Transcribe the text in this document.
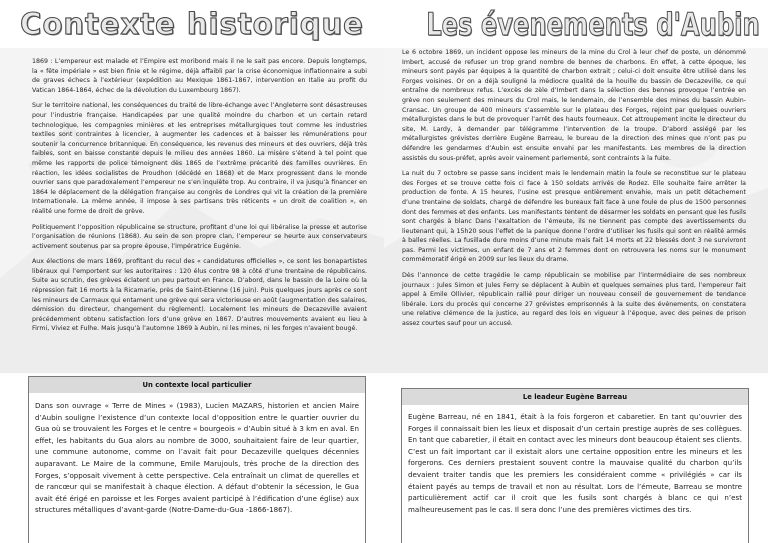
Contexte historique

1869 : L’empereur est malade et l’Empire est moribond mais il ne le sait pas encore. Depuis longtemps, la « fête impériale » est bien finie et le régime, déjà affaibli par la crise économique inflationnaire a subi de graves échecs à l’extérieur (expédition au Mexique 1861-1867, intervention en Italie au profit du Vatican 1864-1864, échec de la dévolution du Luxembourg 1867).

Sur le territoire national, les conséquences du traité de libre-échange avec l’Angleterre sont désastreuses pour l’industrie française. Handicapées par une qualité moindre du charbon et un certain retard technologique, les compagnies minières et les entreprises métallurgiques tout comme les industries textiles sont contraintes à licencier, à augmenter les cadences et à baisser les rémunérations pour soutenir la concurrence britannique. En conséquence, les revenus des mineurs et des ouvriers, déjà très faibles, sont en baisse constante depuis le milieu des années 1860. La misère s’étend à tel point que même les rapports de police témoignent dès 1865 de l’extrême précarité des familles ouvrières. En réaction, les idées socialistes de Proudhon (décédé en 1868) et de Marx progressent dans le monde ouvrier sans que paradoxalement l’empereur ne s’en inquiète trop. Au contraire, il va jusqu’à financer en 1864 le déplacement de la délégation française au congrès de Londres qui vit la création de la première Internationale. La même année, il impose à ses partisans très réticents « un droit de coalition », en réalité une forme de droit de grève.

Politiquement l’opposition républicaine se structure, profitant d’une loi qui libéralise la presse et autorise l’organisation de réunions (1868). Au sein de son propre clan, l’empereur se heurte aux conservateurs activement soutenus par sa propre épouse, l’impératrice Eugénie.

Aux élections de mars 1869, profitant du recul des « candidatures officielles », ce sont les bonapartistes libéraux qui l’emportent sur les autoritaires : 120 élus contre 98 à côté d’une trentaine de républicains. Suite au scrutin, des grèves éclatent un peu partout en France. D’abord, dans le bassin de la Loire où la répression fait 16 morts à la Ricamarie, près de Saint-Etienne (16 juin). Puis quelques jours après ce sont les mineurs de Carmaux qui entament une grève qui sera victorieuse en août (augmentation des salaires, démission du directeur, changement du règlement). Localement les mineurs de Decazeville avaient précédemment obtenu satisfaction lors d’une grève en 1867. D’autres mouvements avaient eu lieu à Firmi, Viviez et Fulhe. Mais jusqu’à l’automne 1869 à Aubin, ni les mines, ni les forges n’avaient bougé.

Un contexte local particulier
Dans son ouvrage « Terre de Mines » (1983), Lucien MAZARS, historien et ancien Maire d’Aubin souligne l’existence d’un contexte local d’opposition entre le quartier ouvrier du Gua où se trouvaient les Forges et le centre « bourgeois » d’Aubin situé à 3 km en aval. En effet, les habitants du Gua alors au nombre de 3000, souhaitaient faire de leur quartier, une commune autonome, comme on l’avait fait pour Decazeville quelques décennies auparavant. Le Maire de la commune, Emile Marujouls, très proche de la direction des Forges, s’opposait vivement à cette perspective. Cela entraînait un climat de querelles et de rancœur qui se manifestait à chaque élection. A défaut d’obtenir la sécession, le Gua avait été érigé en paroisse et les Forges avaient participé à l’édification d’une église) aux structures métalliques d’avant-garde (Notre-Dame-du-Gua -1866-1867).
Les évenements d'Aubin

Le 6 octobre 1869, un incident oppose les mineurs de la mine du Crol à leur chef de poste, un dénommé Imbert, accusé de refuser un trop grand nombre de bennes de charbons. En effet, à cette époque, les mineurs sont payés par équipes à la quantité de charbon extrait ; celui-ci doit ensuite être utilisé dans les Forges voisines. Or on a déjà souligné la médiocre qualité de la houille du bassin de Decazeville, ce qui entraîne de nombreux refus. L’excès de zèle d’Imbert dans la sélection des bennes provoque l’entrée en grève non seulement des mineurs du Crol mais, le lendemain, de l’ensemble des mines du bassin Aubin-Cransac. Un groupe de 400 mineurs s’assemble sur le plateau des Forges, rejoint par quelques ouvriers métallurgistes dans le but de provoquer l’arrêt des hauts fourneaux. Cet attroupement incite le directeur du site, M. Lardy, à demander par télégramme l’intervention de la troupe. D’abord assiégé par les métallurgistes grévistes derrière Eugène Barreau, le bureau de la direction des mines que n’ont pas pu défendre les gendarmes d’Aubin est ensuite envahi par les manifestants. Les membres de la direction assistés du sous-préfet, après avoir vainement parlementé, sont contraints à la fuite.

La nuit du 7 octobre se passe sans incident mais le lendemain matin la foule se reconstitue sur le plateau des Forges et se trouve cette fois ci face à 150 soldats arrivés de Rodez. Elle souhaite faire arrêter la production de fonte. A 15 heures, l’usine est presque entièrement envahie, mais un petit détachement d’une trentaine de soldats, chargé de défendre les bureaux fait face à une foule de plus de 1500 personnes dont des femmes et des enfants. Les manifestants tentent de désarmer les soldats en pensant que les fusils sont chargés à blanc Dans l’exaltation de l’émeute, ils ne tiennent pas compte des avertissements du lieutenant qui, à 15h20 sous l’effet de la panique donne l’ordre d’utiliser les fusils qui sont en réalité armés à balles réelles. La fusillade dure moins d’une minute mais fait 14 morts et 22 blessés dont 3 ne survivront pas. Parmi les victimes, un enfant de 7 ans et 2 femmes dont on retrouvera les noms sur le monument commémoratif érigé en 2009 sur les lieux du drame.

Dès l’annonce de cette tragédie le camp républicain se mobilise par l’intermédiaire de ses nombreux journaux : Jules Simon et Jules Ferry se déplacent à Aubin et quelques semaines plus tard, l’empereur fait appel à Emile Ollivier, républicain rallié pour diriger un nouveau conseil de gouvernement de tendance libérale. Lors du procès qui concerne 27 grévistes emprisonnés à la suite des événements, on constatera une relative clémence de la justice, au regard des lois en vigueur à l’époque, avec des peines de prison assez courtes sauf pour un accusé.

Le leadeur Eugène Barreau
Eugène Barreau, né en 1841, était à la fois forgeron et cabaretier. En tant qu’ouvrier des Forges il connaissait bien les lieux et disposait d’un certain prestige auprès de ses collègues. En tant que cabaretier, il était en contact avec les mineurs dont beaucoup étaient ses clients. C’est un fait important car il existait alors une certaine opposition entre les mineurs et les forgerons. Ces derniers prestaient souvent contre la mauvaise qualité du charbon qu’ils devaient traiter tandis que les premiers les considéraient comme « privilégiés » car ils étaient payés au temps de travail et non au résultat. Lors de l’émeute, Barreau se montre particulièrement actif car il croit que les fusils sont chargés à blanc ce qui n’est malheureusement pas le cas. Il sera donc l’une des premières victimes des tirs.
